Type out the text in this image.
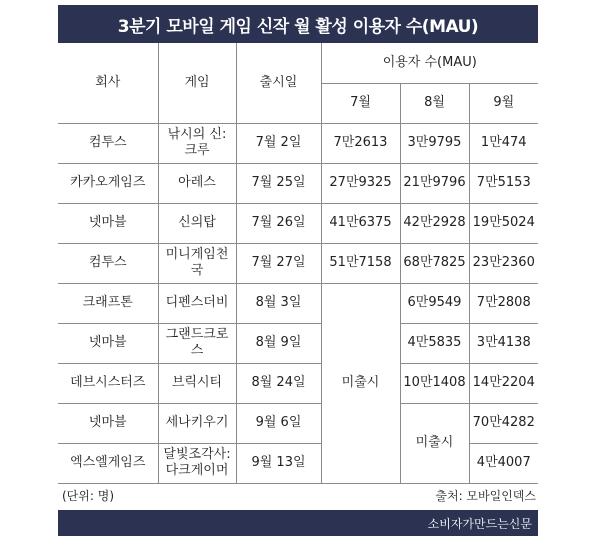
3분기 모바일 게임 신작 월 활성 이용자 수(MAU)
회사	게임	출시일	이용자 수(MAU)		
			7월	8월	9월
컴투스	낚시의 신: 크루	7월 2일	7만2613	3만9795	1만474
카카오게임즈	아레스	7월 25일	27만9325	21만9796	7만5153
넷마블	신의탑	7월 26일	41만6375	42만2928	19만5024
컴투스	미니게임천국	7월 27일	51만7158	68만7825	23만2360
크래프톤	디펜스더비	8월 3일	미출시	6만9549	7만2808
넷마블	그랜드크로스	8월 9일		4만5835	3만4138
데브시스터즈	브릭시티	8월 24일		10만1408	14만2204
넷마블	세나키우기	9월 6일		미출시	70만4282
엑스엘게임즈	달빛조각사: 다크게이머	9월 13일			4만4007
(단위: 명)	출처: 모바일인덱스
소비자가만드는신문
